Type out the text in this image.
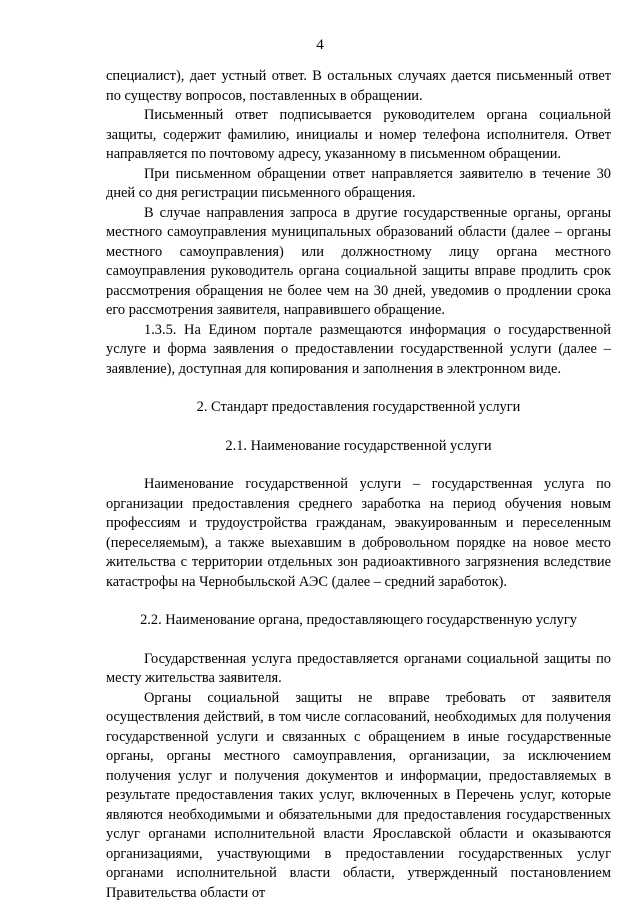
4

специалист), дает устный ответ. В остальных случаях дается письменный ответ по существу вопросов, поставленных в обращении.

Письменный ответ подписывается руководителем органа социальной защиты, содержит фамилию, инициалы и номер телефона исполнителя. Ответ направляется по почтовому адресу, указанному в письменном обращении.

При письменном обращении ответ направляется заявителю в течение 30 дней со дня регистрации письменного обращения.

В случае направления запроса в другие государственные органы, органы местного самоуправления муниципальных образований области (далее – органы местного самоуправления) или должностному лицу органа местного самоуправления руководитель органа социальной защиты вправе продлить срок рассмотрения обращения не более чем на 30 дней, уведомив о продлении срока его рассмотрения заявителя, направившего обращение.

1.3.5. На Едином портале размещаются информация о государственной услуге и форма заявления о предоставлении государственной услуги (далее – заявление), доступная для копирования и заполнения в электронном виде.

2. Стандарт предоставления государственной услуги

2.1. Наименование государственной услуги

Наименование государственной услуги – государственная услуга по организации предоставления среднего заработка на период обучения новым профессиям и трудоустройства гражданам, эвакуированным и переселенным (переселяемым), а также выехавшим в добровольном порядке на новое место жительства с территории отдельных зон радиоактивного загрязнения вследствие катастрофы на Чернобыльской АЭС (далее – средний заработок).

2.2. Наименование органа, предоставляющего государственную услугу

Государственная услуга предоставляется органами социальной защиты по месту жительства заявителя.

Органы социальной защиты не вправе требовать от заявителя осуществления действий, в том числе согласований, необходимых для получения государственной услуги и связанных с обращением в иные государственные органы, органы местного самоуправления, организации, за исключением получения услуг и получения документов и информации, предоставляемых в результате предоставления таких услуг, включенных в Перечень услуг, которые являются необходимыми и обязательными для предоставления государственных услуг органами исполнительной власти Ярославской области и оказываются организациями, участвующими в предоставлении государственных услуг органами исполнительной власти области, утвержденный постановлением Правительства области от
